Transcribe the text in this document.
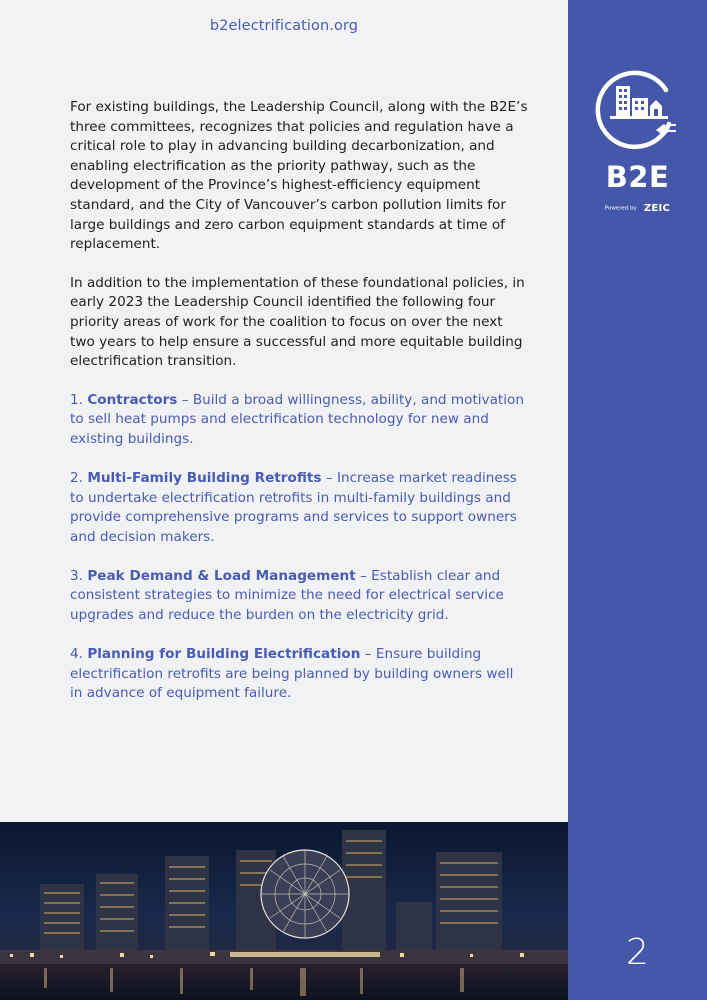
b2electrification.org

For existing buildings, the Leadership Council, along with the B2E’s three committees, recognizes that policies and regulation have a critical role to play in advancing building decarbonization, and enabling electrification as the priority pathway, such as the development of the Province’s highest-efficiency equipment standard, and the City of Vancouver’s carbon pollution limits for large buildings and zero carbon equipment standards at time of replacement.

In addition to the implementation of these foundational policies, in early 2023 the Leadership Council identified the following four priority areas of work for the coalition to focus on over the next two years to help ensure a successful and more equitable building electrification transition.

1. Contractors – Build a broad willingness, ability, and motivation to sell heat pumps and electrification technology for new and existing buildings.

2. Multi-Family Building Retrofits – Increase market readiness to undertake electrification retrofits in multi-family buildings and provide comprehensive programs and services to support owners and decision makers.

3. Peak Demand & Load Management – Establish clear and consistent strategies to minimize the need for electrical service upgrades and reduce the burden on the electricity grid.

4. Planning for Building Electrification – Ensure building electrification retrofits are being planned by building owners well in advance of equipment failure.

B2E
Powered by ZEIC
2
